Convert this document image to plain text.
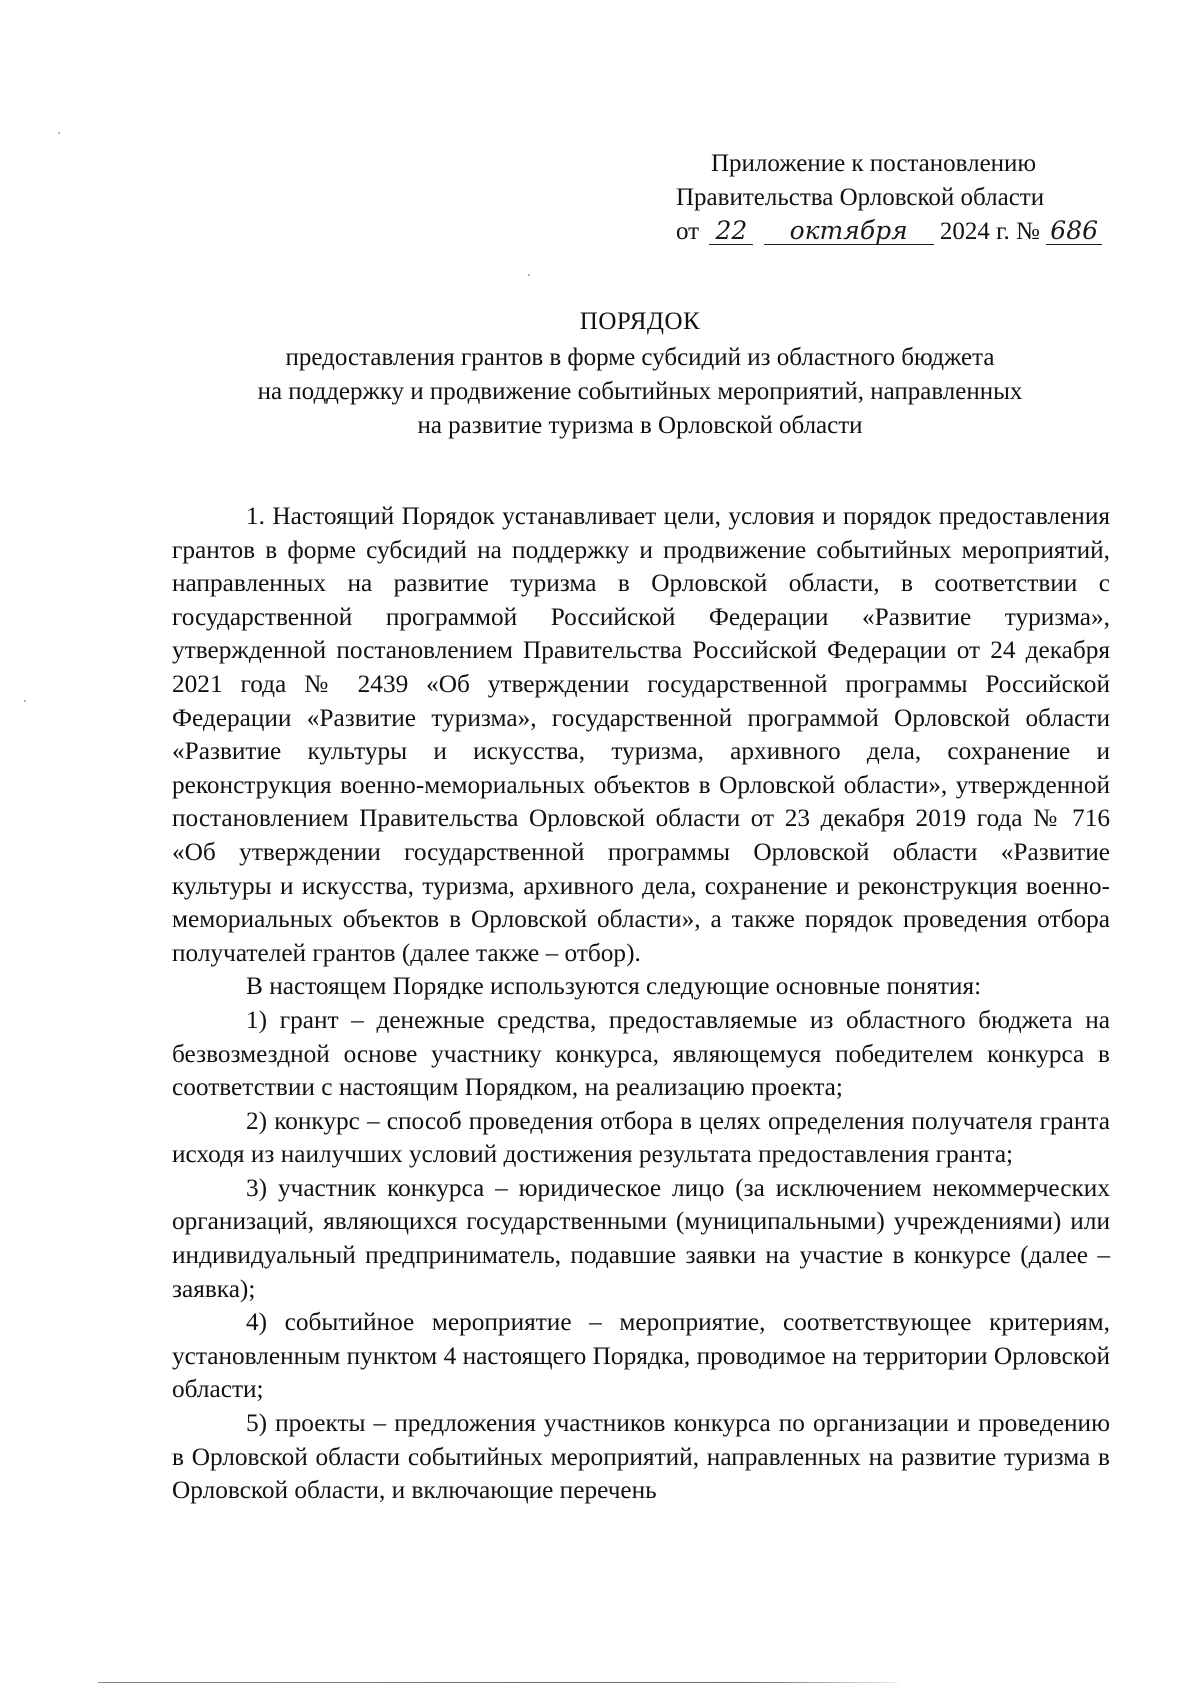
Приложение к постановлению
Правительства Орловской области
от 22 октября 2024 г. № 686
ПОРЯДОК
предоставления грантов в форме субсидий из областного бюджета
на поддержку и продвижение событийных мероприятий, направленных
на развитие туризма в Орловской области

1. Настоящий Порядок устанавливает цели, условия и порядок предоставления грантов в форме субсидий на поддержку и продвижение событийных мероприятий, направленных на развитие туризма в Орловской области, в соответствии с государственной программой Российской Федерации «Развитие туризма», утвержденной постановлением Правительства Российской Федерации от 24 декабря 2021 года № 2439 «Об утверждении государственной программы Российской Федерации «Развитие туризма», государственной программой Орловской области «Развитие культуры и искусства, туризма, архивного дела, сохранение и реконструкция военно-мемориальных объектов в Орловской области», утвержденной постановлением Правительства Орловской области от 23 декабря 2019 года № 716 «Об утверждении государственной программы Орловской области «Развитие культуры и искусства, туризма, архивного дела, сохранение и реконструкция военно-мемориальных объектов в Орловской области», а также порядок проведения отбора получателей грантов (далее также – отбор).

В настоящем Порядке используются следующие основные понятия:

1) грант – денежные средства, предоставляемые из областного бюджета на безвозмездной основе участнику конкурса, являющемуся победителем конкурса в соответствии с настоящим Порядком, на реализацию проекта;

2) конкурс – способ проведения отбора в целях определения получателя гранта исходя из наилучших условий достижения результата предоставления гранта;

3) участник конкурса – юридическое лицо (за исключением некоммерческих организаций, являющихся государственными (муниципальными) учреждениями) или индивидуальный предприниматель, подавшие заявки на участие в конкурсе (далее – заявка);

4) событийное мероприятие – мероприятие, соответствующее критериям, установленным пунктом 4 настоящего Порядка, проводимое на территории Орловской области;

5) проекты – предложения участников конкурса по организации и проведению в Орловской области событийных мероприятий, направленных на развитие туризма в Орловской области, и включающие перечень
